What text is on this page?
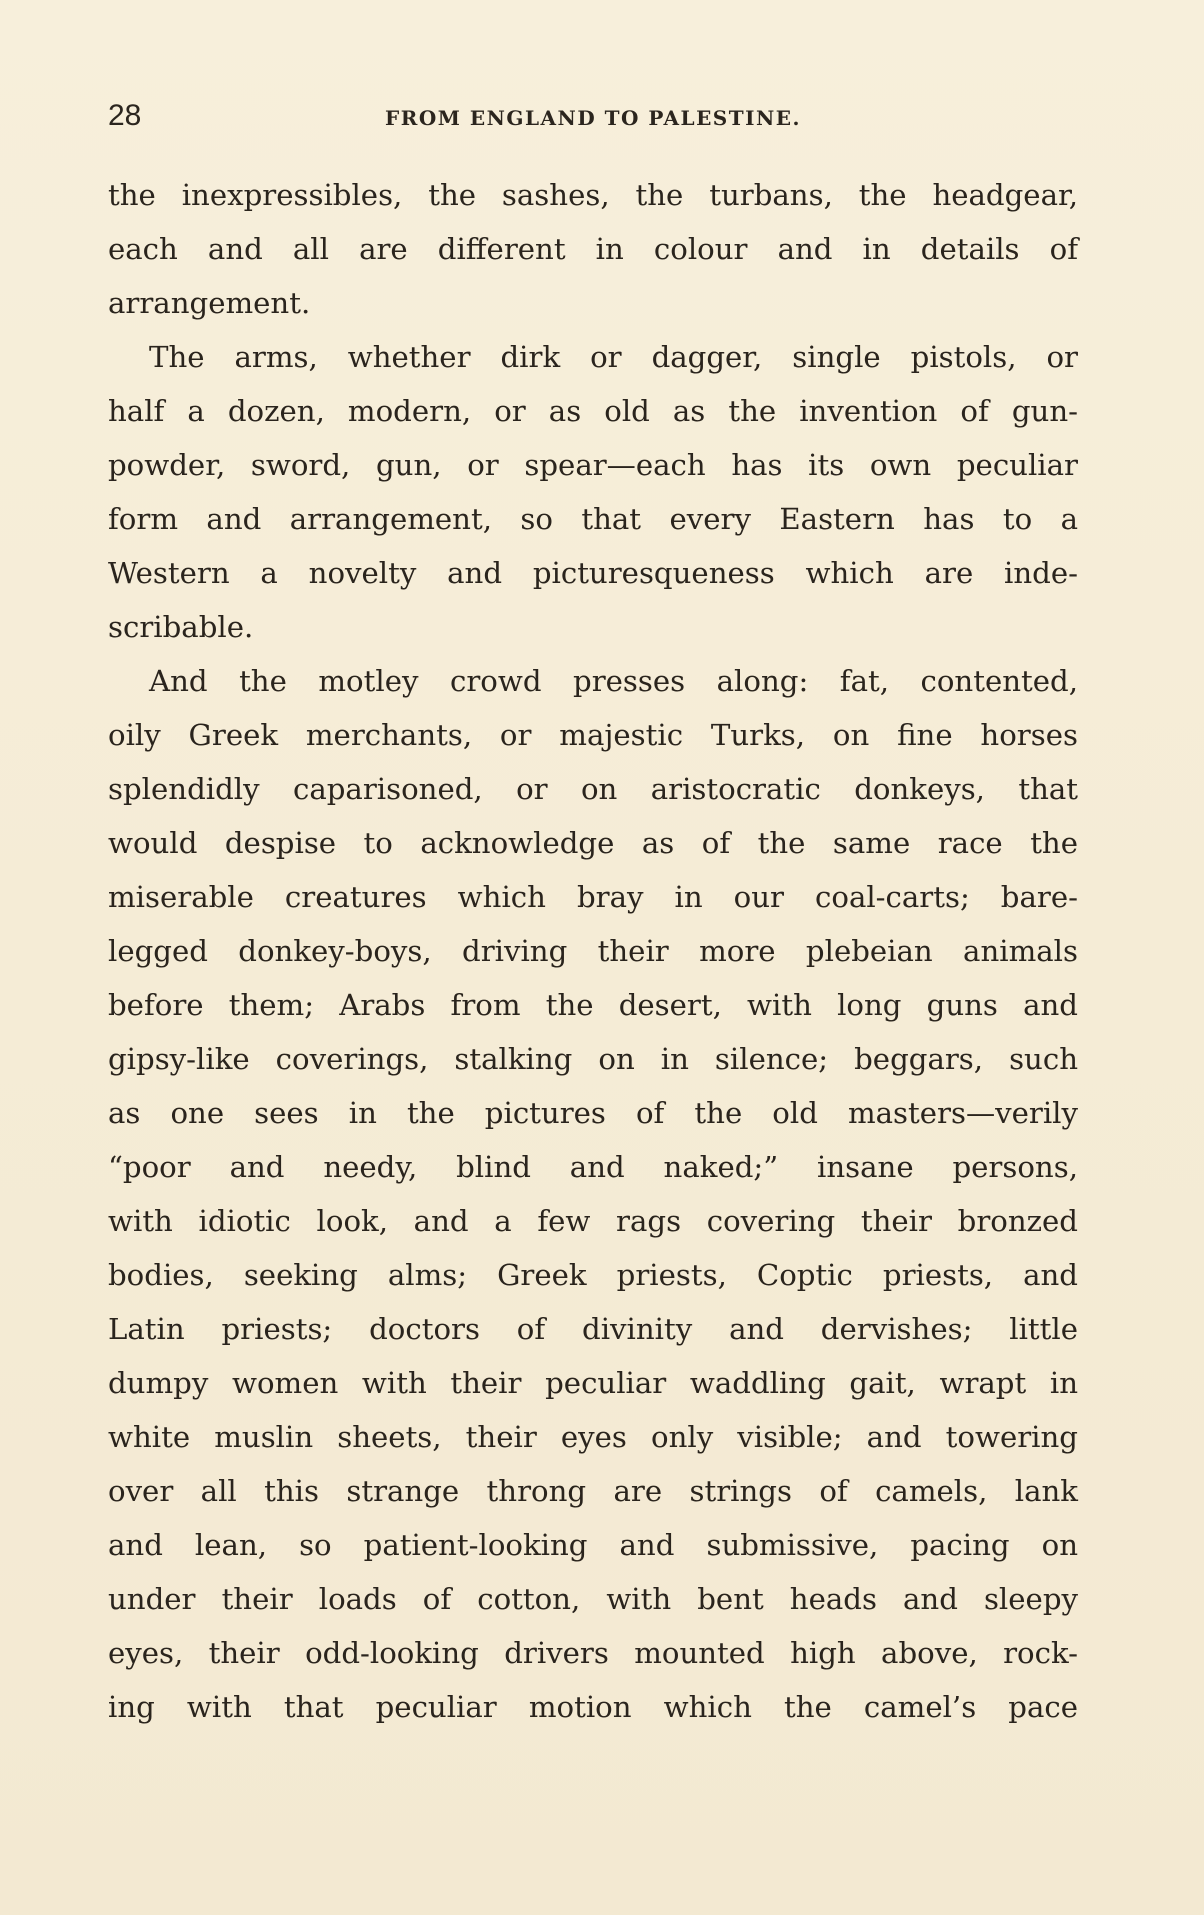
28	FROM ENGLAND TO PALESTINE.
the inexpressibles, the sashes, the turbans, the headgear,
each and all are different in colour and in details of
arrangement.
The arms, whether dirk or dagger, single pistols, or
half a dozen, modern, or as old as the invention of gun-
powder, sword, gun, or spear—each has its own peculiar
form and arrangement, so that every Eastern has to a
Western a novelty and picturesqueness which are inde-
scribable.
And the motley crowd presses along: fat, contented,
oily Greek merchants, or majestic Turks, on fine horses
splendidly caparisoned, or on aristocratic donkeys, that
would despise to acknowledge as of the same race the
miserable creatures which bray in our coal-carts; bare-
legged donkey-boys, driving their more plebeian animals
before them; Arabs from the desert, with long guns and
gipsy-like coverings, stalking on in silence; beggars, such
as one sees in the pictures of the old masters—verily
“poor and needy, blind and naked;” insane persons,
with idiotic look, and a few rags covering their bronzed
bodies, seeking alms; Greek priests, Coptic priests, and
Latin priests; doctors of divinity and dervishes; little
dumpy women with their peculiar waddling gait, wrapt in
white muslin sheets, their eyes only visible; and towering
over all this strange throng are strings of camels, lank
and lean, so patient-looking and submissive, pacing on
under their loads of cotton, with bent heads and sleepy
eyes, their odd-looking drivers mounted high above, rock-
ing with that peculiar motion which the camel’s pace
